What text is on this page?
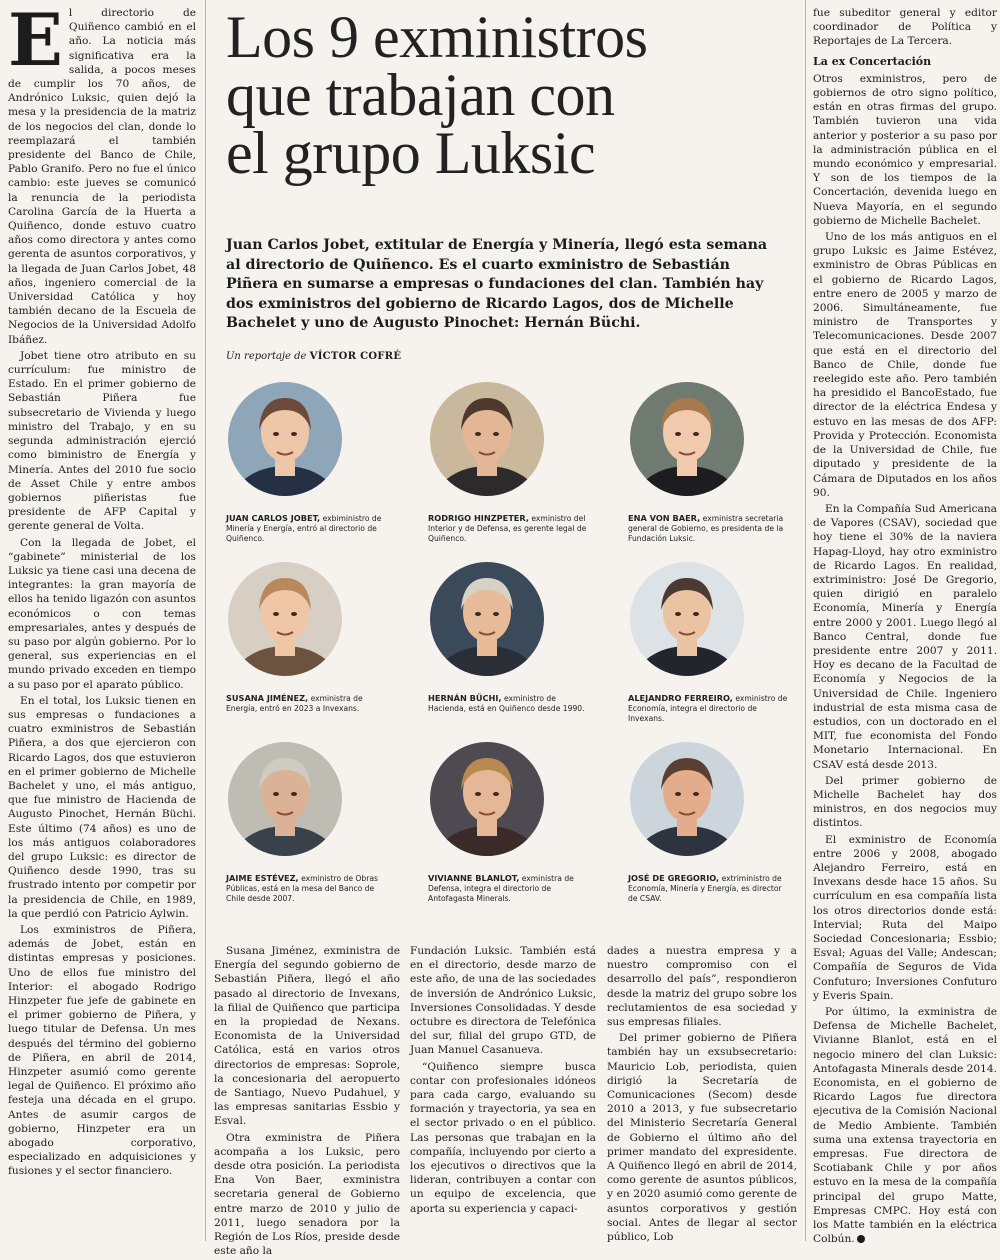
El directorio de Quiñenco cambió en el año. La noticia más significativa era la salida, a pocos meses de cumplir los 70 años, de Andrónico Luksic, quien dejó la mesa y la presidencia de la matriz de los negocios del clan, donde lo reemplazará el también presidente del Banco de Chile, Pablo Granifo. Pero no fue el único cambio: este jueves se comunicó la renuncia de la periodista Carolina García de la Huerta a Quiñenco, donde estuvo cuatro años como directora y antes como gerenta de asuntos corporativos, y la llegada de Juan Carlos Jobet, 48 años, ingeniero comercial de la Universidad Católica y hoy también decano de la Escuela de Negocios de la Universidad Adolfo Ibáñez.

Jobet tiene otro atributo en su currículum: fue ministro de Estado. En el primer gobierno de Sebastián Piñera fue subsecretario de Vivienda y luego ministro del Trabajo, y en su segunda administración ejerció como biministro de Energía y Minería. Antes del 2010 fue socio de Asset Chile y entre ambos gobiernos piñeristas fue presidente de AFP Capital y gerente general de Volta.

Con la llegada de Jobet, el “gabinete” ministerial de los Luksic ya tiene casi una decena de integrantes: la gran mayoría de ellos ha tenido ligazón con asuntos económicos o con temas empresariales, antes y después de su paso por algún gobierno. Por lo general, sus experiencias en el mundo privado exceden en tiempo a su paso por el aparato público.

En el total, los Luksic tienen en sus empresas o fundaciones a cuatro exministros de Sebastián Piñera, a dos que ejercieron con Ricardo Lagos, dos que estuvieron en el primer gobierno de Michelle Bachelet y uno, el más antiguo, que fue ministro de Hacienda de Augusto Pinochet, Hernán Büchi. Este último (74 años) es uno de los más antiguos colaboradores del grupo Luksic: es director de Quiñenco desde 1990, tras su frustrado intento por competir por la presidencia de Chile, en 1989, la que perdió con Patricio Aylwin.

Los exministros de Piñera, además de Jobet, están en distintas empresas y posiciones. Uno de ellos fue ministro del Interior: el abogado Rodrigo Hinzpeter fue jefe de gabinete en el primer gobierno de Piñera, y luego titular de Defensa. Un mes después del término del gobierno de Piñera, en abril de 2014, Hinzpeter asumió como gerente legal de Quiñenco. El próximo año festeja una década en el grupo. Antes de asumir cargos de gobierno, Hinzpeter era un abogado corporativo, especializado en adquisiciones y fusiones y el sector financiero.

Los 9 exministros
que trabajan con
el grupo Luksic

Juan Carlos Jobet, extitular de Energía y Minería, llegó esta semana al directorio de Quiñenco. Es el cuarto exministro de Sebastián Piñera en sumarse a empresas o fundaciones del clan. También hay dos exministros del gobierno de Ricardo Lagos, dos de Michelle Bachelet y uno de Augusto Pinochet: Hernán Büchi.

Un reportaje de VÍCTOR COFRÉ
JUAN CARLOS JOBET, exbiministro de Minería y Energía, entró al directorio de Quiñenco.
RODRIGO HINZPETER, exministro del Interior y de Defensa, es gerente legal de Quiñenco.
ENA VON BAER, exministra secretaria general de Gobierno, es presidenta de la Fundación Luksic.
SUSANA JIMÉNEZ, exministra de Energía, entró en 2023 a Invexans.
HERNÁN BÜCHI, exministro de Hacienda, está en Quiñenco desde 1990.
ALEJANDRO FERREIRO, exministro de Economía, integra el directorio de Invexans.
JAIME ESTÉVEZ, exministro de Obras Públicas, está en la mesa del Banco de Chile desde 2007.
VIVIANNE BLANLOT, exministra de Defensa, integra el directorio de Antofagasta Minerals.
JOSÉ DE GREGORIO, extriministro de Economía, Minería y Energía, es director de CSAV.

Susana Jiménez, exministra de Energía del segundo gobierno de Sebastián Piñera, llegó el año pasado al directorio de Invexans, la filial de Quiñenco que participa en la propiedad de Nexans. Economista de la Universidad Católica, está en varios otros directorios de empresas: Soprole, la concesionaria del aeropuerto de Santiago, Nuevo Pudahuel, y las empresas sanitarias Essbio y Esval.

Otra exministra de Piñera acompaña a los Luksic, pero desde otra posición. La periodista Ena Von Baer, exministra secretaria general de Gobierno entre marzo de 2010 y julio de 2011, luego senadora por la Región de Los Ríos, preside desde este año la

Fundación Luksic. También está en el directorio, desde marzo de este año, de una de las sociedades de inversión de Andrónico Luksic, Inversiones Consolidadas. Y desde octubre es directora de Telefónica del sur, filial del grupo GTD, de Juan Manuel Casanueva.

“Quiñenco siempre busca contar con profesionales idóneos para cada cargo, evaluando su formación y trayectoria, ya sea en el sector privado o en el público. Las personas que trabajan en la compañía, incluyendo por cierto a los ejecutivos o directivos que la lideran, contribuyen a contar con un equipo de excelencia, que aporta su experiencia y capaci-

dades a nuestra empresa y a nuestro compromiso con el desarrollo del país”, respondieron desde la matriz del grupo sobre los reclutamientos de esa sociedad y sus empresas filiales.

Del primer gobierno de Piñera también hay un exsubsecretario: Mauricio Lob, periodista, quien dirigió la Secretaría de Comunicaciones (Secom) desde 2010 a 2013, y fue subsecretario del Ministerio Secretaría General de Gobierno el último año del primer mandato del expresidente. A Quiñenco llegó en abril de 2014, como gerente de asuntos públicos, y en 2020 asumió como gerente de asuntos corporativos y gestión social. Antes de llegar al sector público, Lob

fue subeditor general y editor coordinador de Política y Reportajes de La Tercera.

La ex Concertación

Otros exministros, pero de gobiernos de otro signo político, están en otras firmas del grupo. También tuvieron una vida anterior y posterior a su paso por la administración pública en el mundo económico y empresarial. Y son de los tiempos de la Concertación, devenida luego en Nueva Mayoría, en el segundo gobierno de Michelle Bachelet.

Uno de los más antiguos en el grupo Luksic es Jaime Estévez, exministro de Obras Públicas en el gobierno de Ricardo Lagos, entre enero de 2005 y marzo de 2006. Simultáneamente, fue ministro de Transportes y Telecomunicaciones. Desde 2007 que está en el directorio del Banco de Chile, donde fue reelegido este año. Pero también ha presidido el BancoEstado, fue director de la eléctrica Endesa y estuvo en las mesas de dos AFP: Provida y Protección. Economista de la Universidad de Chile, fue diputado y presidente de la Cámara de Diputados en los años 90.

En la Compañía Sud Americana de Vapores (CSAV), sociedad que hoy tiene el 30% de la naviera Hapag-Lloyd, hay otro exministro de Ricardo Lagos. En realidad, extriministro: José De Gregorio, quien dirigió en paralelo Economía, Minería y Energía entre 2000 y 2001. Luego llegó al Banco Central, donde fue presidente entre 2007 y 2011. Hoy es decano de la Facultad de Economía y Negocios de la Universidad de Chile. Ingeniero industrial de esta misma casa de estudios, con un doctorado en el MIT, fue economista del Fondo Monetario Internacional. En CSAV está desde 2013.

Del primer gobierno de Michelle Bachelet hay dos ministros, en dos negocios muy distintos.

El exministro de Economía entre 2006 y 2008, abogado Alejandro Ferreiro, está en Invexans desde hace 15 años. Su currículum en esa compañía lista los otros directorios donde está: Intervial; Ruta del Maipo Sociedad Concesionaria; Essbio; Esval; Aguas del Valle; Andescan; Compañía de Seguros de Vida Confuturo; Inversiones Confuturo y Everis Spain.

Por último, la exministra de Defensa de Michelle Bachelet, Vivianne Blanlot, está en el negocio minero del clan Luksic: Antofagasta Minerals desde 2014. Economista, en el gobierno de Ricardo Lagos fue directora ejecutiva de la Comisión Nacional de Medio Ambiente. También suma una extensa trayectoria en empresas. Fue directora de Scotiabank Chile y por años estuvo en la mesa de la compañía principal del grupo Matte, Empresas CMPC. Hoy está con los Matte también en la eléctrica Colbún.
